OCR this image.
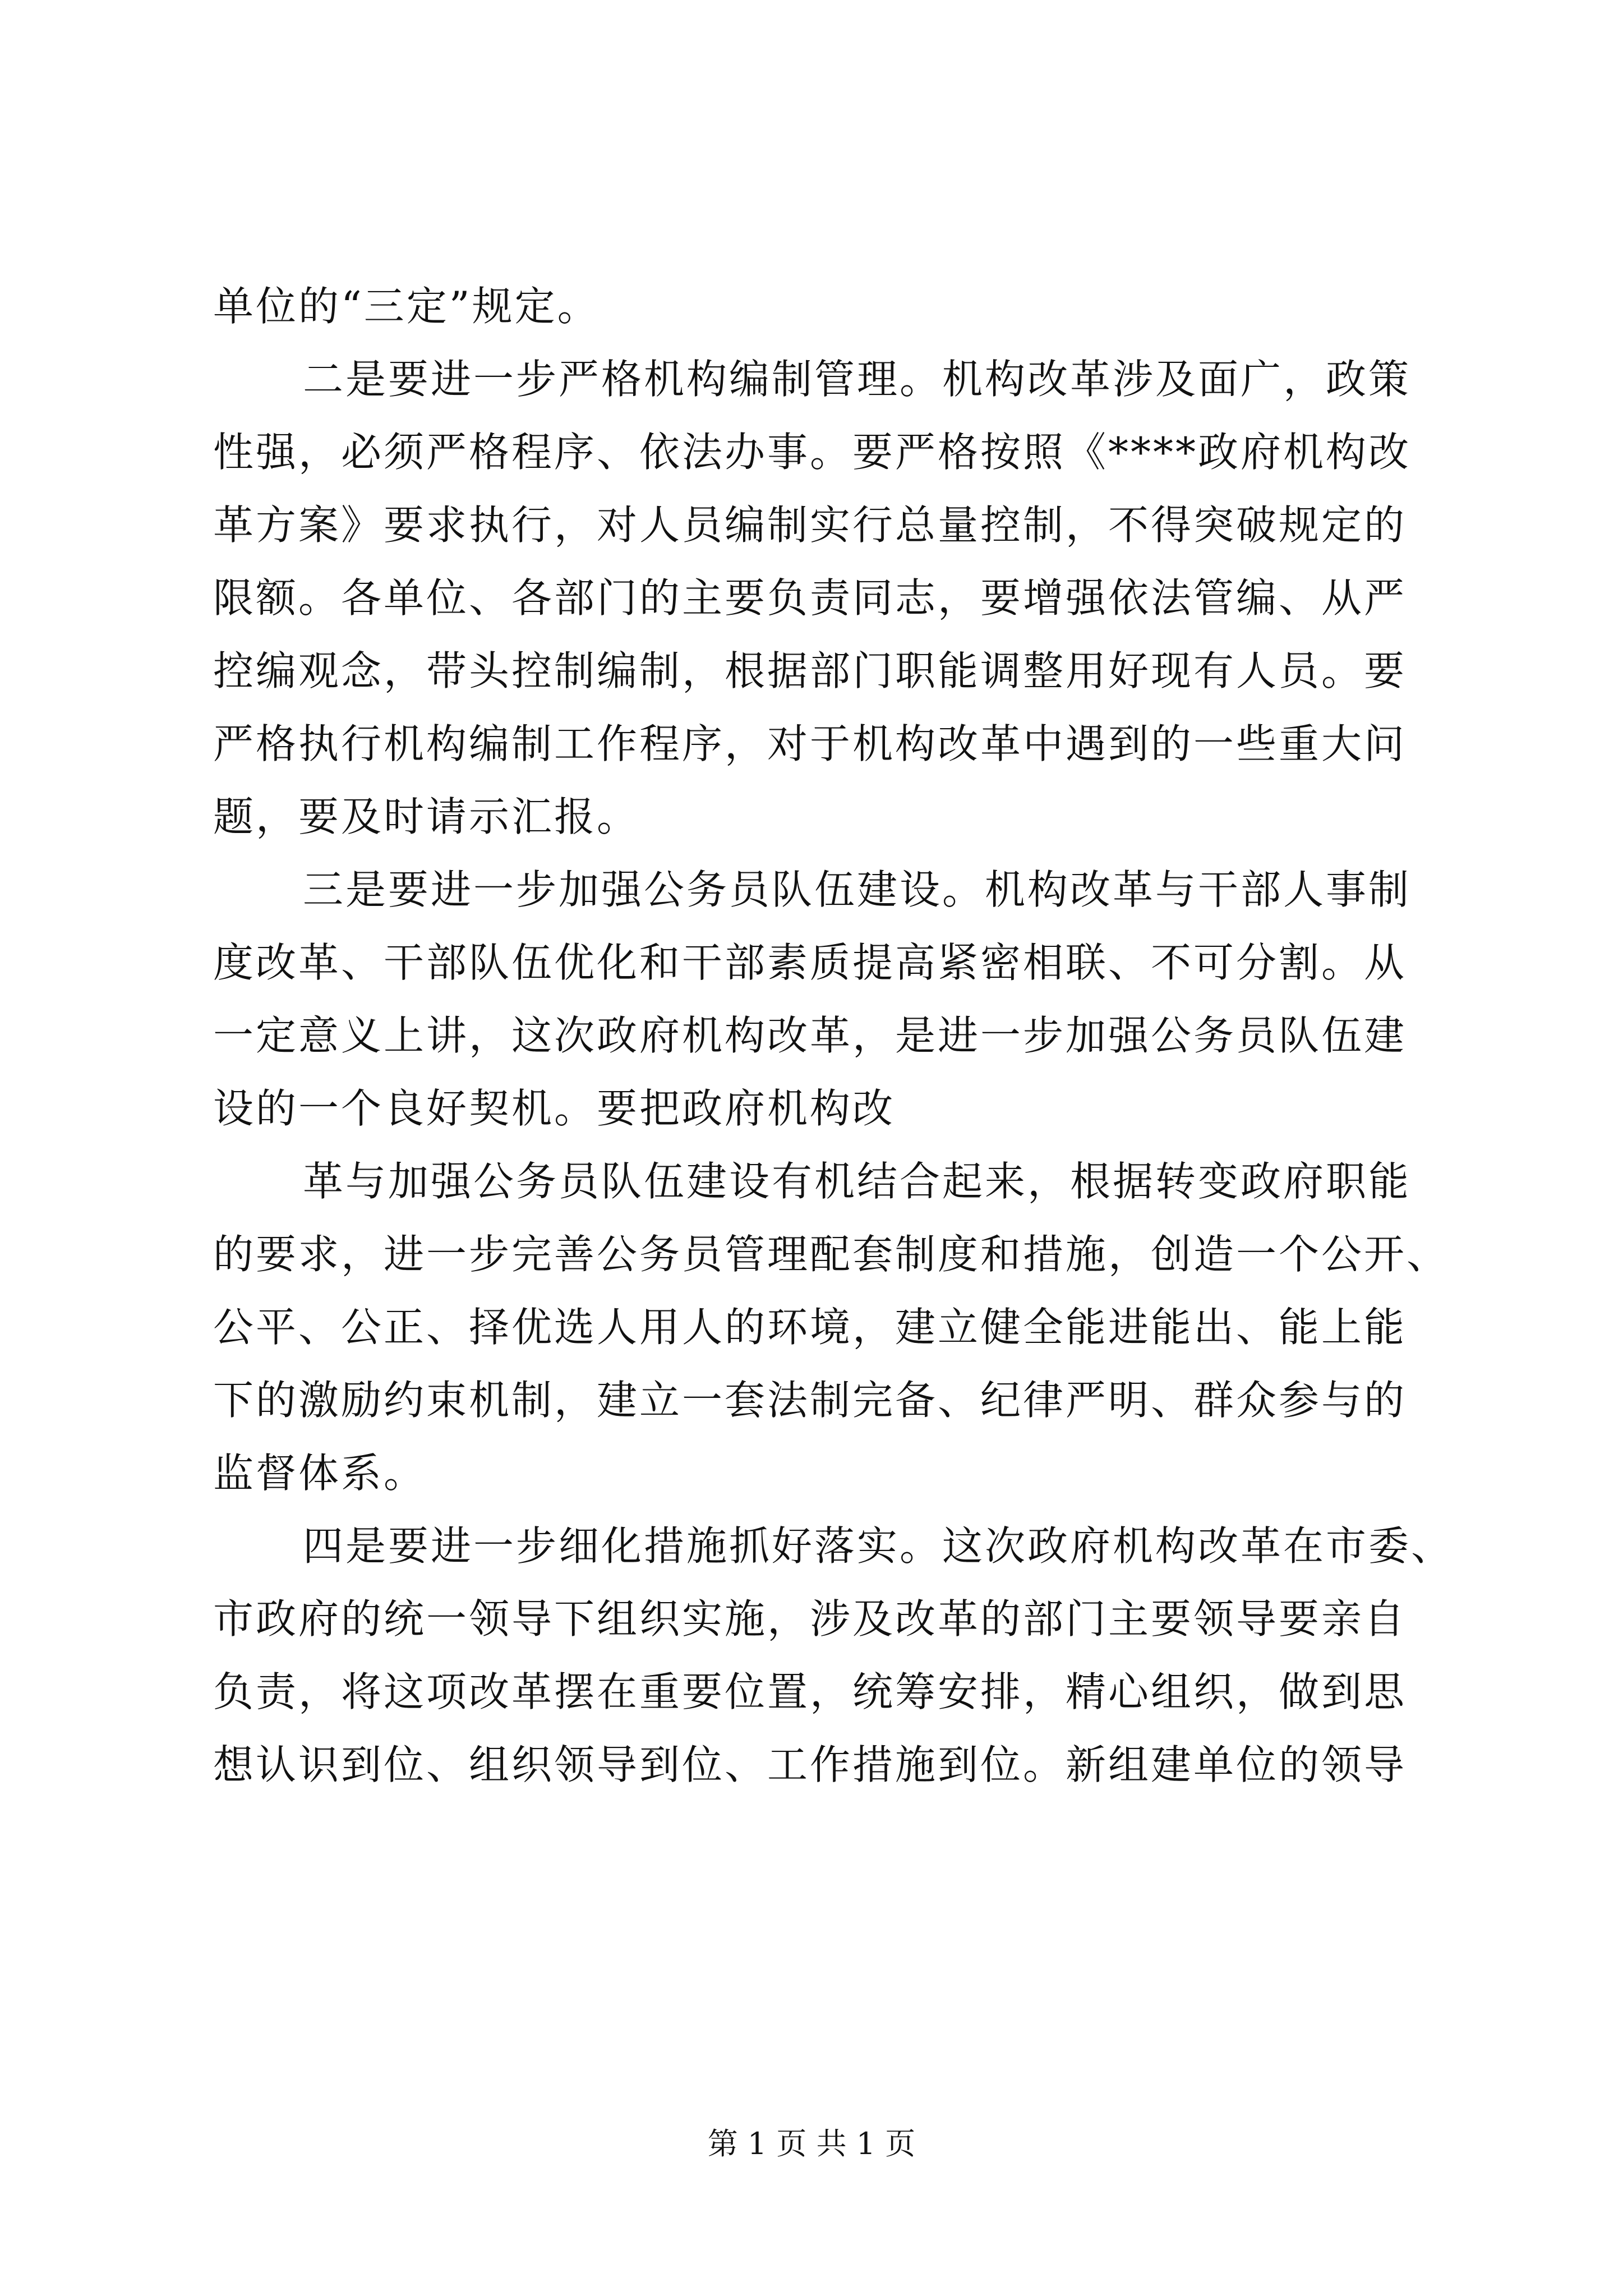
单位的“三定”规定。
二是要进一步严格机构编制管理。机构改革涉及面广，政策
性强，必须严格程序、依法办事。要严格按照《****政府机构改
革方案》要求执行，对人员编制实行总量控制，不得突破规定的
限额。各单位、各部门的主要负责同志，要增强依法管编、从严
控编观念，带头控制编制，根据部门职能调整用好现有人员。要
严格执行机构编制工作程序，对于机构改革中遇到的一些重大问
题，要及时请示汇报。
三是要进一步加强公务员队伍建设。机构改革与干部人事制
度改革、干部队伍优化和干部素质提高紧密相联、不可分割。从
一定意义上讲，这次政府机构改革，是进一步加强公务员队伍建
设的一个良好契机。要把政府机构改
革与加强公务员队伍建设有机结合起来，根据转变政府职能
的要求，进一步完善公务员管理配套制度和措施，创造一个公开、
公平、公正、择优选人用人的环境，建立健全能进能出、能上能
下的激励约束机制，建立一套法制完备、纪律严明、群众参与的
监督体系。
四是要进一步细化措施抓好落实。这次政府机构改革在市委、
市政府的统一领导下组织实施，涉及改革的部门主要领导要亲自
负责，将这项改革摆在重要位置，统筹安排，精心组织，做到思
想认识到位、组织领导到位、工作措施到位。新组建单位的领导
第 1 页 共 1 页
